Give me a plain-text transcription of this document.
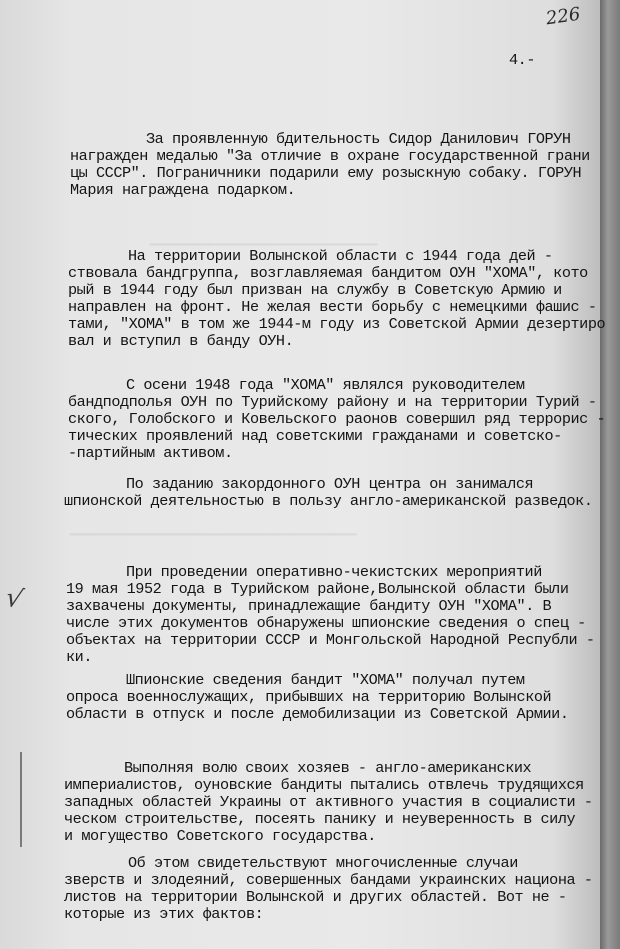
▁▁▁▁▁▁▁▁▁▁▁▁▁▁▁▁▁▁▁▁▁▁▁▁▁▁▁
▁▁▁▁▁▁▁▁▁▁▁▁▁▁▁▁▁▁▁▁▁▁▁▁▁▁▁▁▁▁▁▁▁▁
226
4.-
√
За проявленную бдительность Сидор Данилович ГОРУН
награжден медалью "За отличие в охране государственной грани
цы СССР". Пограничники подарили ему розыскную собаку. ГОРУН
Мария награждена подарком.
На территории Волынской области с 1944 года дей -
ствовала бандгруппа, возглавляемая бандитом ОУН "ХОМА", кото
рый в 1944 году был призван на службу в Советскую Армию и
направлен на фронт. Не желая вести борьбу с немецкими фашис -
тами, "ХОМА" в том же 1944-м году из Советской Армии дезертиро
вал и вступил в банду ОУН.
С осени 1948 года "ХОМА" являлся руководителем
бандподполья ОУН по Турийскому району и на территории Турий -
ского, Голобского и Ковельского раонов совершил ряд террорис -
тических проявлений над советскими гражданами и советско-
-партийным активом.
По заданию закордонного ОУН центра он занимался
шпионской деятельностью в пользу англо-американской разведок.
При проведении оперативно-чекистских мероприятий
19 мая 1952 года в Турийском районе,Волынской области были
захвачены документы, принадлежащие бандиту ОУН "ХОМА". В
числе этих документов обнаружены шпионские сведения о спец -
объектах на территории СССР и Монгольской Народной Республи -
ки.
Шпионские сведения бандит "ХОМА" получал путем
опроса военнослужащих, прибывших на территорию Волынской
области в отпуск и после демобилизации из Советской Армии.
Выполняя волю своих хозяев - англо-американских
империалистов, оуновские бандиты пытались отвлечь трудящихся
западных областей Украины от активного участия в социалисти -
ческом строительстве, посеять панику и неуверенность в силу
и могущество Советского государства.
Об этом свидетельствуют многочисленные случаи
зверств и злодеяний, совершенных бандами украинских национа -
листов на территории Волынской и других областей. Вот не -
которые из этих фактов:
